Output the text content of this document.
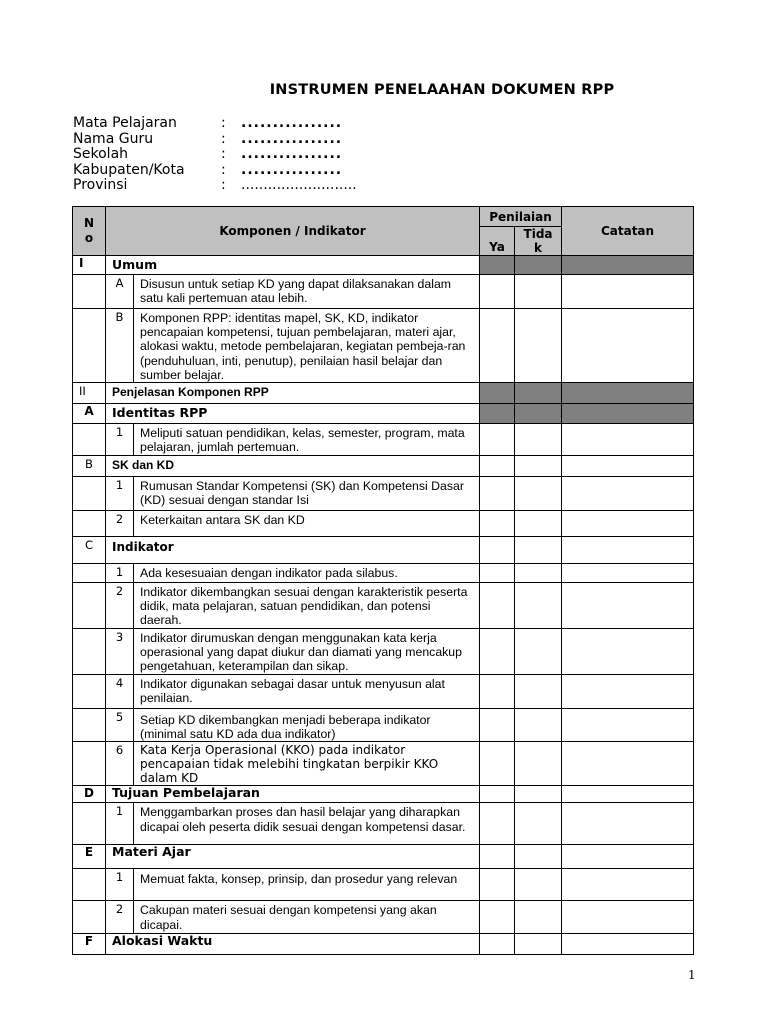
INSTRUMEN PENELAAHAN DOKUMEN RPP
Mata Pelajaran	: ................
Nama Guru	: ................
Sekolah	: ................
Kabupaten/Kota	: ................
Provinsi	: ..........................
N
o	Komponen / Indikator		Penilaian		Catatan
			Ya	Tida
k	
I	Umum				
	A	Disusun untuk setiap KD yang dapat dilaksanakan dalam satu kali pertemuan atau lebih.			
	B	Komponen RPP: identitas mapel, SK, KD, indikator pencapaian kompetensi, tujuan pembelajaran, materi ajar, alokasi waktu, metode pembelajaran, kegiatan pembeja-ran (penduhuluan, inti, penutup), penilaian hasil belajar dan sumber belajar.			
II	Penjelasan Komponen RPP				
A	Identitas RPP				
	1	Meliputi satuan pendidikan, kelas, semester, program, mata pelajaran, jumlah pertemuan.			
B	SK dan KD				
	1	Rumusan Standar Kompetensi (SK) dan Kompetensi Dasar (KD) sesuai dengan standar Isi			
	2	Keterkaitan antara SK dan KD			
C	Indikator				
	1	Ada kesesuaian dengan indikator pada silabus.			
	2	Indikator dikembangkan sesuai dengan karakteristik peserta didik, mata pelajaran, satuan pendidikan, dan potensi daerah.			
	3	Indikator dirumuskan dengan menggunakan kata kerja operasional yang dapat diukur dan diamati yang mencakup pengetahuan, keterampilan dan sikap.			
	4	Indikator digunakan sebagai dasar untuk menyusun alat penilaian.			
	5	Setiap KD dikembangkan menjadi beberapa indikator (minimal satu KD ada dua indikator)			
	6	Kata Kerja Operasional (KKO) pada indikator pencapaian tidak melebihi tingkatan berpikir KKO dalam KD			
D	Tujuan Pembelajaran				
	1	Menggambarkan proses dan hasil belajar yang diharapkan dicapai oleh peserta didik sesuai dengan kompetensi dasar.			
E	Materi Ajar				
	1	Memuat fakta, konsep, prinsip, dan prosedur yang relevan			
	2	Cakupan materi sesuai dengan kompetensi yang akan dicapai.			
F	Alokasi Waktu				
1
